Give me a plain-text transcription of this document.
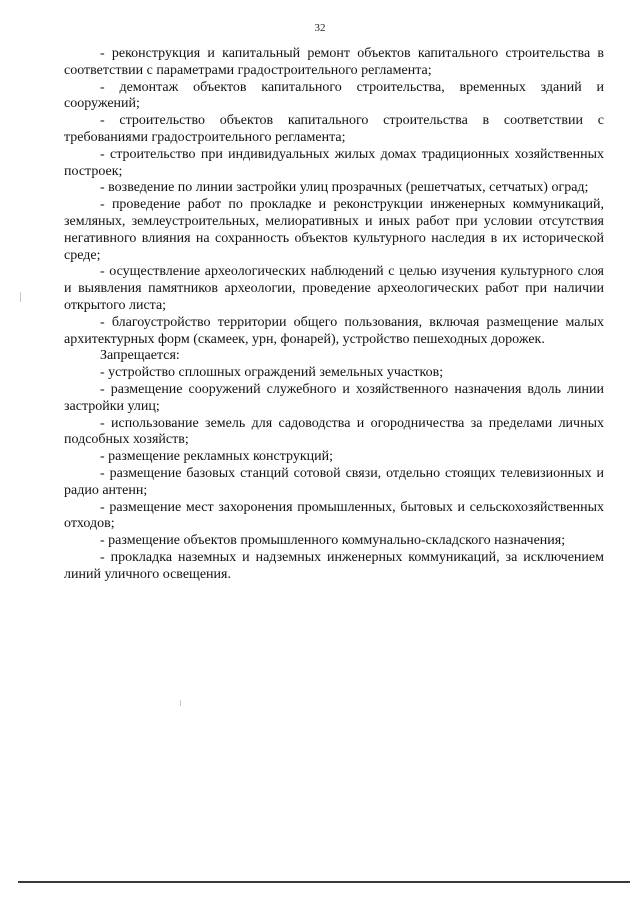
32

- реконструкция и капитальный ремонт объектов капитального строительства в соответствии с параметрами градостроительного регламента;

- демонтаж объектов капитального строительства, временных зданий и сооружений;

- строительство объектов капитального строительства в соответствии с требованиями градостроительного регламента;

- строительство при индивидуальных жилых домах традиционных хозяйственных построек;

- возведение по линии застройки улиц прозрачных (решетчатых, сетчатых) оград;

- проведение работ по прокладке и реконструкции инженерных коммуникаций, земляных, землеустроительных, мелиоративных и иных работ при условии отсутствия негативного влияния на сохранность объектов культурного наследия в их исторической среде;

- осуществление археологических наблюдений с целью изучения культурного слоя и выявления памятников археологии, проведение археологических работ при наличии открытого листа;

- благоустройство территории общего пользования, включая размещение малых архитектурных форм (скамеек, урн, фонарей), устройство пешеходных дорожек.

Запрещается:

- устройство сплошных ограждений земельных участков;

- размещение сооружений служебного и хозяйственного назначения вдоль линии застройки улиц;

- использование земель для садоводства и огородничества за пределами личных подсобных хозяйств;

- размещение рекламных конструкций;

- размещение базовых станций сотовой связи, отдельно стоящих телевизионных и радио антенн;

- размещение мест захоронения промышленных, бытовых и сельскохозяйственных отходов;

- размещение объектов промышленного коммунально-складского назначения;

- прокладка наземных и надземных инженерных коммуникаций, за исключением линий уличного освещения.
